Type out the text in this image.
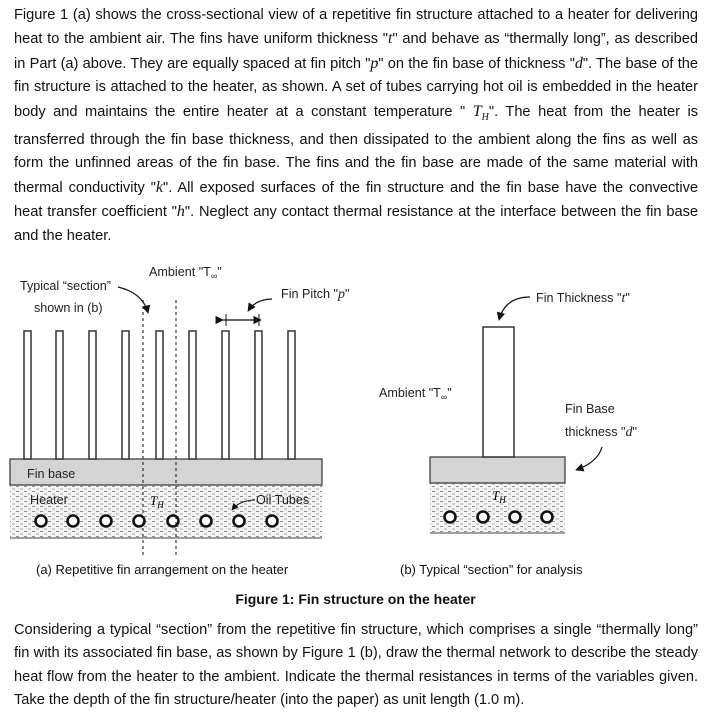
Figure 1 (a) shows the cross-sectional view of a repetitive fin structure attached to a heater for delivering heat to the ambient air. The fins have uniform thickness "t" and behave as “thermally long”, as described in Part (a) above. They are equally spaced at fin pitch "p" on the fin base of thickness "d". The base of the fin structure is attached to the heater, as shown. A set of tubes carrying hot oil is embedded in the heater body and maintains the entire heater at a constant temperature " $T_H$". The heat from the heater is transferred through the fin base thickness, and then dissipated to the ambient along the fins as well as form the unfinned areas of the fin base. The fins and the fin base are made of the same material with thermal conductivity "k". All exposed surfaces of the fin structure and the fin base have the convective heat transfer coefficient "h". Neglect any contact thermal resistance at the interface between the fin base and the heater.
Typical “section”
shown in (b)
Ambient "$T_\infty$"
Fin Pitch "p"
Fin base
Heater	$T_H$	Oil Tubes
Fin Thickness "t"
Ambient "$T_\infty$"
Fin Base
thickness "d"
$T_H$
(a) Repetitive fin arrangement on the heater	(b) Typical “section” for analysis
Figure 1: Fin structure on the heater
Considering a typical “section” from the repetitive fin structure, which comprises a single “thermally long” fin with its associated fin base, as shown by Figure 1 (b), draw the thermal network to describe the steady heat flow from the heater to the ambient. Indicate the thermal resistances in terms of the variables given. Take the depth of the fin structure/heater (into the paper) as unit length (1.0 m).
